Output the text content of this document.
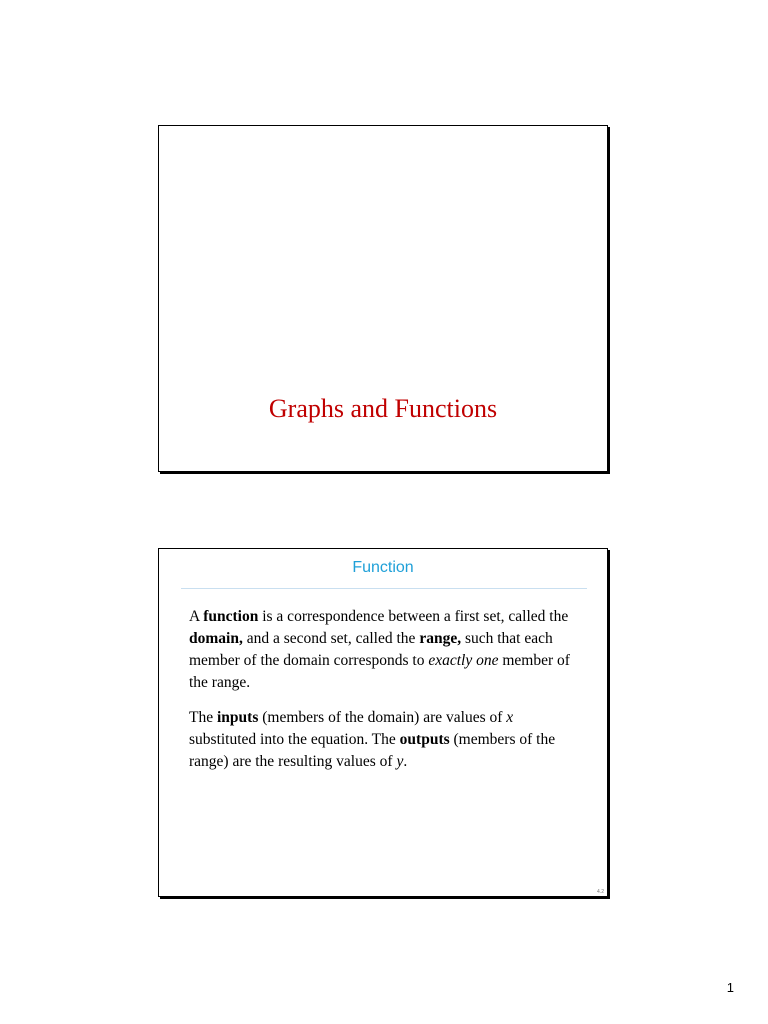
Graphs and Functions
Function

A function is a correspondence between a first set, called the domain, and a second set, called the range, such that each member of the domain corresponds to exactly one member of the range.

The inputs (members of the domain) are values of x substituted into the equation. The outputs (members of the range) are the resulting values of y.

4.2
1
